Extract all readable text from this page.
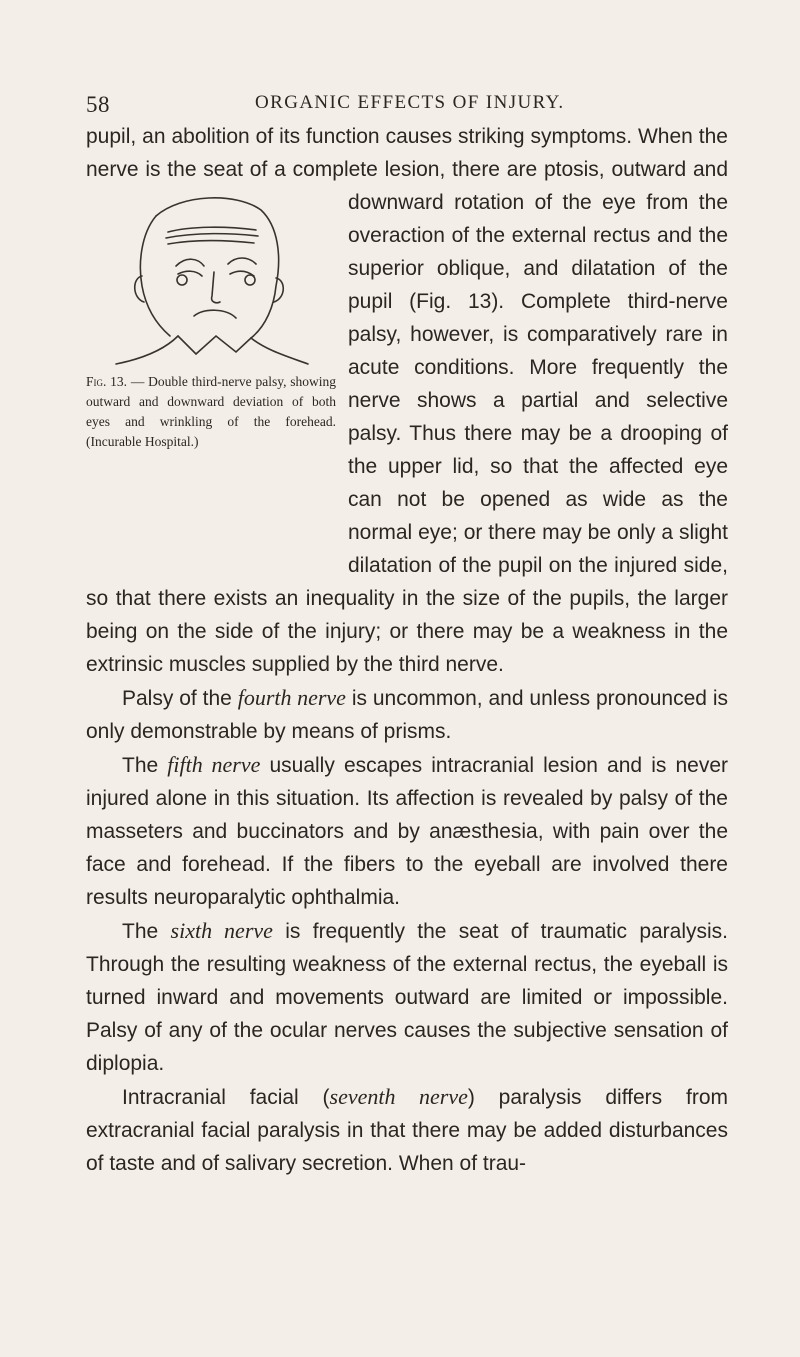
58	ORGANIC EFFECTS OF INJURY.

pupil, an abolition of its function causes striking symptoms. When the nerve is the seat of a complete lesion, there are ptosis, outward and downward rotation of the eye from the
Fig. 13. — Double third-nerve palsy, showing outward and downward deviation of both eyes and wrinkling of the forehead. (Incurable Hospital.)
overaction of the external rectus and the superior oblique, and dilatation of the pupil (Fig. 13). Complete third-nerve palsy, however, is comparatively rare in acute conditions. More frequently the nerve shows a partial and selective palsy. Thus there may be a drooping of the upper lid, so that the affected eye can not be opened as wide as the normal eye; or there may be only a slight dilatation of the pupil on the injured side, so that there exists an inequality in the size of the pupils, the larger being on the side of the injury; or there may be a weakness in the extrinsic muscles supplied by the third nerve.

Palsy of the fourth nerve is uncommon, and unless pronounced is only demonstrable by means of prisms.

The fifth nerve usually escapes intracranial lesion and is never injured alone in this situation. Its affection is revealed by palsy of the masseters and buccinators and by anæsthesia, with pain over the face and forehead. If the fibers to the eyeball are involved there results neuroparalytic ophthalmia.

The sixth nerve is frequently the seat of traumatic paralysis. Through the resulting weakness of the external rectus, the eyeball is turned inward and movements outward are limited or impossible. Palsy of any of the ocular nerves causes the subjective sensation of diplopia.

Intracranial facial (seventh nerve) paralysis differs from extracranial facial paralysis in that there may be added disturbances of taste and of salivary secretion. When of trau-
